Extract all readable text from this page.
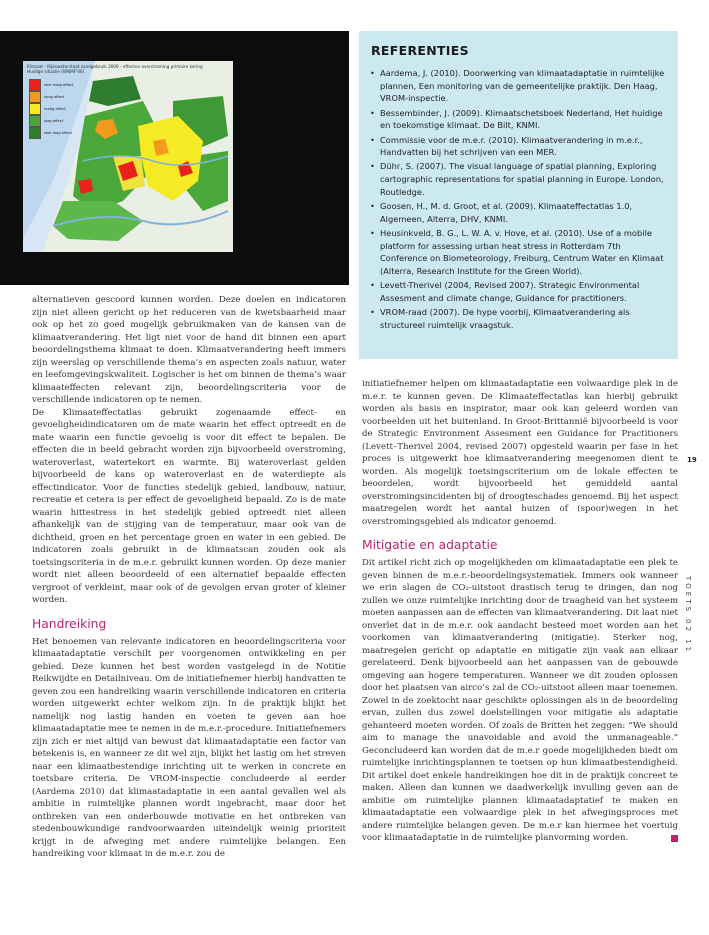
Klimaat - Rijkswaterstaat zandgebruik 2009 - effecten overstroming primaire kering
Huidige situatie (WNMF'06)
zeer hoog effect
hoog effect
matig effect
laag effect
zeer laag effect
REFERENTIES
• Aardema, J. (2010). Doorwerking van klimaatadaptatie in ruimtelijke plannen, Een monitoring van de gemeentelijke praktijk. Den Haag, VROM-inspectie.
• Bessembinder, J. (2009). Klimaatschetsboek Nederland, Het huidige en toekomstige klimaat. De Bilt, KNMI.
• Commissie voor de m.e.r. (2010). Klimaatverandering in m.e.r., Handvatten bij het schrijven van een MER.
• Dühr, S. (2007). The visual language of spatial planning, Exploring cartographic representations for spatial planning in Europe. London, Routledge.
• Goosen, H., M. d. Groot, et al. (2009). Klimaateffectatlas 1.0, Algemeen, Alterra, DHV, KNMI.
• Heusinkveld, B. G., L. W. A. v. Hove, et al. (2010). Use of a mobile platform for assessing urban heat stress in Rotterdam 7th Conference on Biometeorology, Freiburg, Centrum Water en Klimaat (Alterra, Research Institute for the Green World).
• Levett-Therivel (2004, Revised 2007). Strategic Environmental Assesment and climate change, Guidance for practitioners.
• VROM-raad (2007). De hype voorbij, Klimaatverandering als structureel ruimtelijk vraagstuk.

alternatieven gescoord kunnen worden. Deze doelen en indicatoren zijn niet alleen gericht op het reduceren van de kwetsbaarheid maar ook op het zo goed mogelijk gebruikmaken van de kansen van de klimaatverandering. Het ligt niet voor de hand dit binnen een apart beoordelingsthema klimaat te doen. Klimaatverandering heeft immers zijn weerslag op verschillende thema’s en aspecten zoals natuur, water en leefomgevingskwaliteit. Logischer is het om binnen de thema’s waar klimaateffecten relevant zijn, beoordelingscriteria voor de verschillende indicatoren op te nemen.

De Klimaateffectatlas gebruikt zogenaamde effect- en gevoeligheidindicatoren om de mate waarin het effect optreedt en de mate waarin een functie gevoelig is voor dit effect te bepalen. De effecten die in beeld gebracht worden zijn bijvoorbeeld overstroming, wateroverlast, watertekort en warmte. Bij wateroverlast gelden bijvoorbeeld de kans op wateroverlast en de waterdiepte als effectindicator. Voor de functies stedelijk gebied, landbouw, natuur, recreatie et cetera is per effect de gevoeligheid bepaald. Zo is de mate waarin hittestress in het stedelijk gebied optreedt niet alleen afhankelijk van de stijging van de temperatuur, maar ook van de dichtheid, groen en het percentage groen en water in een gebied. De indicatoren zoals gebruikt in de klimaatscan zouden ook als toetsingscriteria in de m.e.r. gebruikt kunnen worden. Op deze manier wordt niet alleen beoordeeld of een alternatief bepaalde effecten vergroot of verkleint, maar ook of de gevolgen ervan groter of kleiner worden.

Handreiking

Het benoemen van relevante indicatoren en beoordelingscriteria voor klimaatadaptatie verschilt per voorgenomen ontwikkeling en per gebied. Deze kunnen het best worden vastgelegd in de Notitie Reikwijdte en Detailniveau. Om de initiatiefnemer hierbij handvatten te geven zou een handreiking waarin verschillende indicatoren en criteria worden uitgewerkt echter welkom zijn. In de praktijk blijkt het namelijk nog lastig handen en voeten te geven aan hoe klimaatadaptatie mee te nemen in de m.e.r.-procedure. Initiatiefnemers zijn zich er niet altijd van bewust dat klimaatadaptatie een factor van betekenis is, en wanneer ze dit wel zijn, blijkt het lastig om het streven naar een klimaatbestendige inrichting uit te werken in concrete en toetsbare criteria. De VROM-inspectie concludeerde al eerder (Aardema 2010) dat klimaatadaptatie in een aantal gevallen wel als ambitie in ruimtelijke plannen wordt ingebracht, maar door het ontbreken van een onderbouwde motivatie en het ontbreken van stedenbouwkundige randvoorwaarden uiteindelijk weinig prioriteit krijgt in de afweging met andere ruimtelijke belangen. Een handreiking voor klimaat in de m.e.r. zou de

initiatiefnemer helpen om klimaatadaptatie een volwaardige plek in de m.e.r. te kunnen geven. De Klimaateffectatlas kan hierbij gebruikt worden als basis en inspirator, maar ook kan geleerd worden van voorbeelden uit het buitenland. In Groot-Brittannië bijvoorbeeld is voor de Strategic Environment Assesment een Guidance for Practitioners (Levett–Therivel 2004, revised 2007) opgesteld waarin per fase in het proces is uitgewerkt hoe klimaatverandering meegenomen dient te worden. Als mogelijk toetsingscriterium om de lokale effecten te beoordelen, wordt bijvoorbeeld het gemiddeld aantal overstromingsincidenten bij of droogteschades genoemd. Bij het aspect maatregelen wordt het aantal huizen of (spoor)wegen in het overstromingsgebied als indicator genoemd.

Mitigatie en adaptatie

Dit artikel richt zich op mogelijkheden om klimaatadaptatie een plek te geven binnen de m.e.r.-beoordelingsystematiek. Immers ook wanneer we erin slagen de CO₂-uitstoot drastisch terug te dringen, dan nog zullen we onze ruimtelijke inrichting door de traagheid van het systeem moeten aanpassen aan de effecten van klimaatverandering. Dit laat niet onverlet dat in de m.e.r. ook aandacht besteed moet worden aan het voorkomen van klimaatverandering (mitigatie). Sterker nog, maatregelen gericht op adaptatie en mitigatie zijn vaak aan elkaar gerelateerd. Denk bijvoorbeeld aan het aanpassen van de gebouwde omgeving aan hogere temperaturen. Wanneer we dit zouden oplossen door het plaatsen van airco’s zal de CO₂-uitstoot alleen maar toenemen. Zowel in de zoektocht naar geschikte oplossingen als in de beoordeling ervan, zullen dus zowel doelstellingen voor mitigatie als adaptatie gehanteerd moeten worden. Of zoals de Britten het zeggen: “We should aim to manage the unavoidable and avoid the unmanageable.” Geconcludeerd kan worden dat de m.e.r goede mogelijkheden biedt om ruimtelijke inrichtingsplannen te toetsen op hun klimaatbestendigheid. Dit artikel doet enkele handreikingen hoe dit in de praktijk concreet te maken. Alleen dan kunnen we daadwerkelijk invulling geven aan de ambitie om ruimtelijke plannen klimaatadaptatief te maken en klimaatadaptatie een volwaardige plek in het afwegingsproces met andere ruimtelijke belangen geven. De m.e.r kan hiermee het voertuig voor klimaatadaptatie in de ruimtelijke planvorming worden.

19
TOETS 02 11
